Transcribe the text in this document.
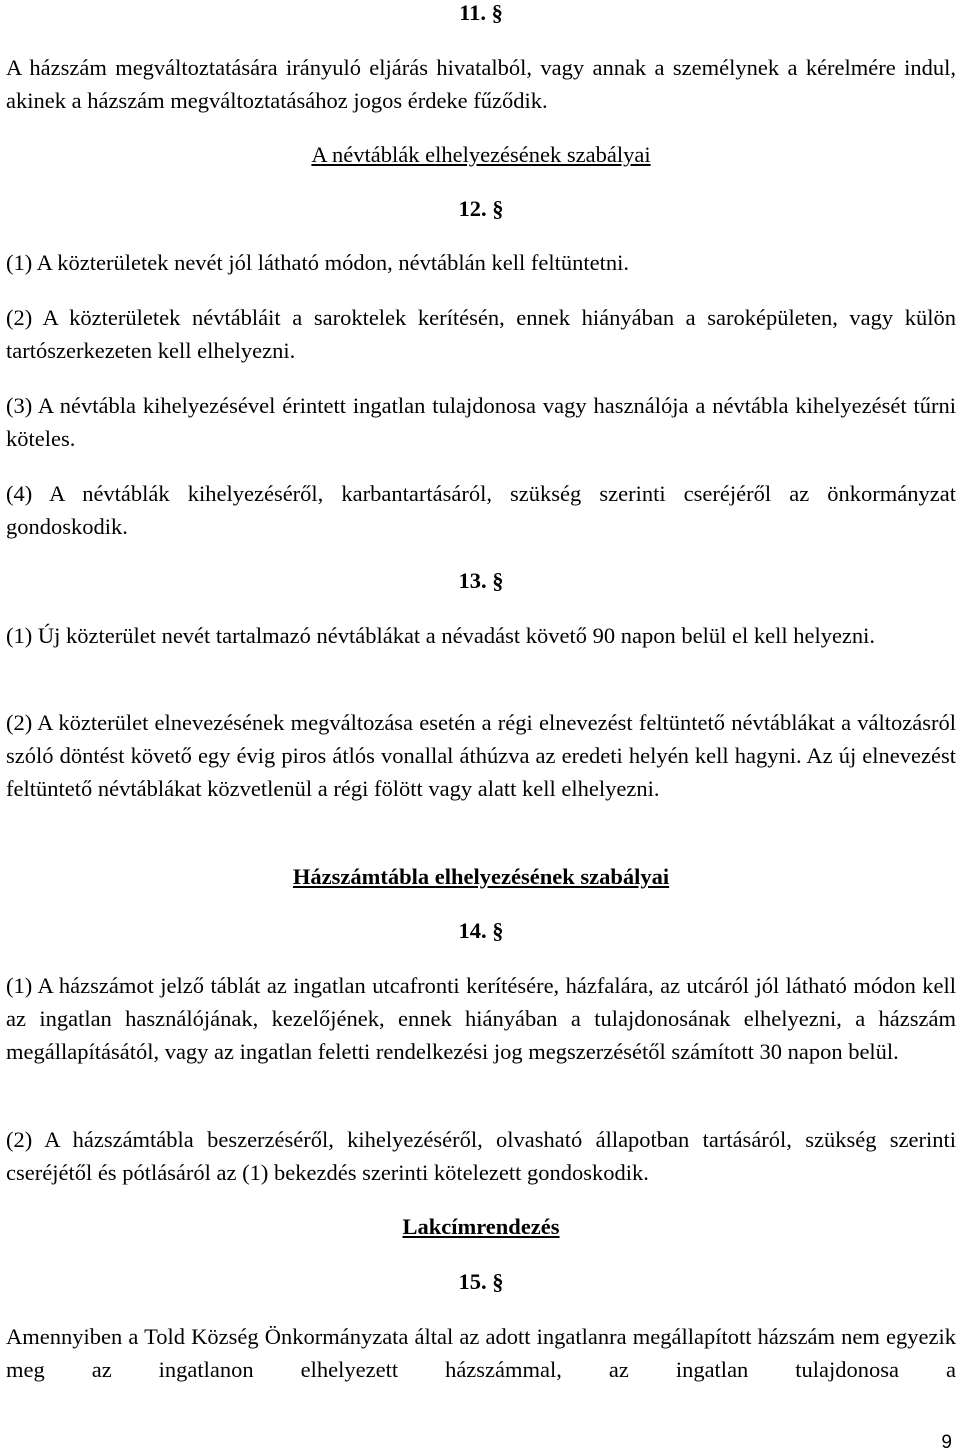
11. §

A házszám megváltoztatására irányuló eljárás hivatalból, vagy annak a személynek a kérelmére indul, akinek a házszám megváltoztatásához jogos érdeke fűződik.

A névtáblák elhelyezésének szabályai

12. §

(1) A közterületek nevét jól látható módon, névtáblán kell feltüntetni.

(2) A közterületek névtábláit a saroktelek kerítésén, ennek hiányában a saroképületen, vagy külön tartószerkezeten kell elhelyezni.

(3) A névtábla kihelyezésével érintett ingatlan tulajdonosa vagy használója a névtábla kihelyezését tűrni köteles.

(4) A névtáblák kihelyezéséről, karbantartásáról, szükség szerinti cseréjéről az önkormányzat gondoskodik.

13. §

(1) Új közterület nevét tartalmazó névtáblákat a névadást követő 90 napon belül el kell helyezni.

(2) A közterület elnevezésének megváltozása esetén a régi elnevezést feltüntető névtáblákat a változásról szóló döntést követő egy évig piros átlós vonallal áthúzva az eredeti helyén kell hagyni. Az új elnevezést feltüntető névtáblákat közvetlenül a régi fölött vagy alatt kell elhelyezni.

Házszámtábla elhelyezésének szabályai

14. §

(1) A házszámot jelző táblát az ingatlan utcafronti kerítésére, házfalára, az utcáról jól látható módon kell az ingatlan használójának, kezelőjének, ennek hiányában a tulajdonosának elhelyezni, a házszám megállapításától, vagy az ingatlan feletti rendelkezési jog megszerzésétől számított 30 napon belül.

(2) A házszámtábla beszerzéséről, kihelyezéséről, olvasható állapotban tartásáról, szükség szerinti cseréjétől és pótlásáról az (1) bekezdés szerinti kötelezett gondoskodik.

Lakcímrendezés

15. §

Amennyiben a Told Község Önkormányzata által az adott ingatlanra megállapított házszám nem egyezik meg az ingatlanon elhelyezett házszámmal, az ingatlan tulajdonosa a

9
